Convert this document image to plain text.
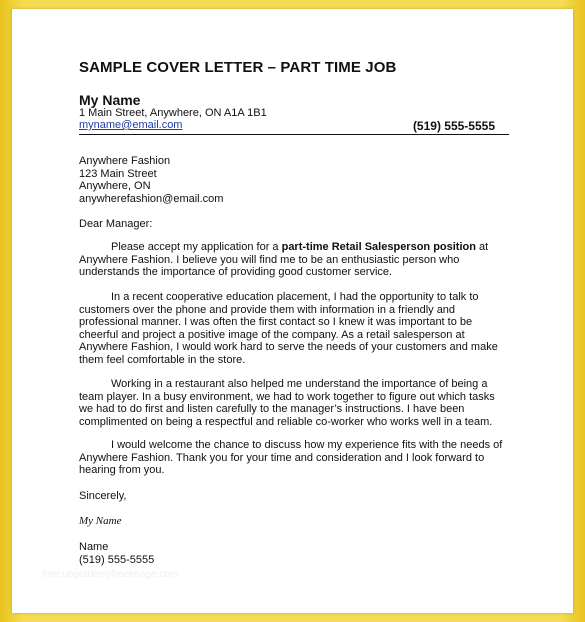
SAMPLE COVER LETTER – PART TIME JOB
My Name
1 Main Street, Anywhere, ON A1A 1B1
myname@email.com	(519) 555-5555
Anywhere Fashion
123 Main Street
Anywhere, ON
anywherefashion@email.com
Dear Manager:
Please accept my application for a part-time Retail Salesperson position at Anywhere Fashion. I believe you will find me to be an enthusiastic person who understands the importance of providing good customer service.
In a recent cooperative education placement, I had the opportunity to talk to customers over the phone and provide them with information in a friendly and professional manner. I was often the first contact so I knew it was important to be cheerful and project a positive image of the company. As a retail salesperson at Anywhere Fashion, I would work hard to serve the needs of your customers and make them feel comfortable in the store.
Working in a restaurant also helped me understand the importance of being a team player. In a busy environment, we had to work together to figure out which tasks we had to do first and listen carefully to the manager’s instructions. I have been complimented on being a respectful and reliable co-worker who works well in a team.
I would welcome the chance to discuss how my experience fits with the needs of Anywhere Fashion. Thank you for your time and consideration and I look forward to hearing from you.
Sincerely,
My Name
Name
(519) 555-5555
free.upgrademyfreeimage.com
